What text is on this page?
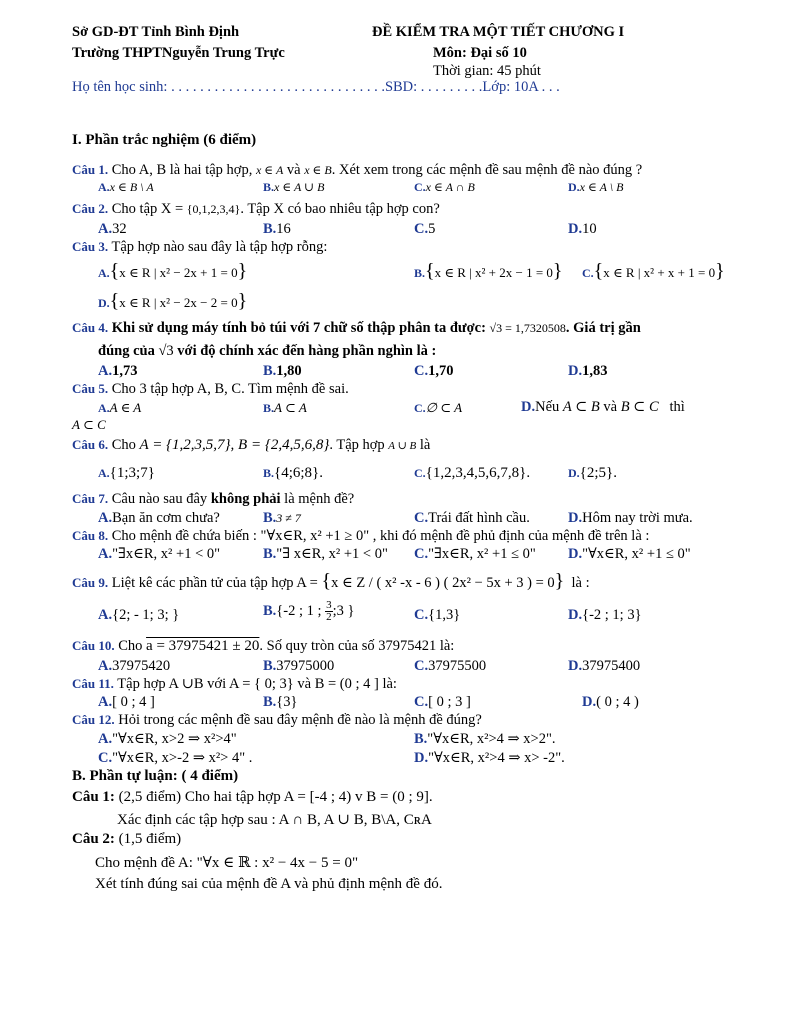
Sở GD-ĐT Tỉnh Bình Định
Trường THPTNguyễn Trung Trực
ĐỀ KIỂM TRA MỘT TIẾT CHƯƠNG I
Môn: Đại số 10
Thời gian: 45 phút
Họ tên học sinh: . . . . . . . . . . . . . . . . . . . . . . . . . . . . . .SBD: . . . . . . . . .Lớp: 10A . . .
I. Phần trắc nghiệm (6 điểm)
Câu 1. Cho A, B là hai tập hợp, x ∈ A và x ∈ B. Xét xem trong các mệnh đề sau mệnh đề nào đúng ?
A.x ∈ B \ A	B.x ∈ A ∪ B	C.x ∈ A ∩ B	D.x ∈ A \ B
Câu 2. Cho tập X = {0,1,2,3,4}. Tập X có bao nhiêu tập hợp con?
A.32	B.16	C.5	D.10
Câu 3. Tập hợp nào sau đây là tập hợp rỗng:
A.{x ∈ R | x² − 2x + 1 = 0}	B.{x ∈ R | x² + 2x − 1 = 0} C.{x ∈ R | x² + x + 1 = 0}
D.{x ∈ R | x² − 2x − 2 = 0}
Câu 4. Khi sử dụng máy tính bỏ túi với 7 chữ số thập phân ta được: √3 = 1,7320508. Giá trị gần
đúng của √3 với độ chính xác đến hàng phần nghìn là :
A.1,73	B.1,80	C.1,70	D.1,83
Câu 5. Cho 3 tập hợp A, B, C. Tìm mệnh đề sai.
A.A ∈ A	B.A ⊂ A	C.∅ ⊂ A	D.Nếu A ⊂ B và B ⊂ C thì
A ⊂ C
Câu 6. Cho A = {1,2,3,5,7}, B = {2,4,5,6,8}. Tập hợp A ∪ B là
A.{1;3;7}	B.{4;6;8}.	C.{1,2,3,4,5,6,7,8}.	D.{2;5}.
Câu 7. Câu nào sau đây không phải là mệnh đề?
A.Bạn ăn cơm chưa?	B.3 ≠ 7	C.Trái đất hình cầu.	D.Hôm nay trời mưa.
Câu 8. Cho mệnh đề chứa biến : "∀x∈R, x² +1 ≥ 0" , khi đó mệnh đề phủ định của mệnh đề trên là :
A."∃x∈R, x² +1 < 0"	B."∃ x∈R, x² +1 < 0" C."∃x∈R, x² +1 ≤ 0" D."∀x∈R, x² +1 ≤ 0"
Câu 9. Liệt kê các phần tử của tập hợp A = {x ∈ Z / ( x² -x - 6 ) ( 2x² − 5x + 3 ) = 0} là :
A.{2; - 1; 3; }	B.{-2 ; 1 ; $\frac{3}{2}$ ;3 }	C.{1,3}	D.{-2 ; 1; 3}
Câu 10. Cho a = 37975421 ± 20. Số quy tròn của số 37975421 là:
A.37975420	B.37975000	C.37975500	D.37975400
Câu 11. Tập hợp A ∪B với A = { 0; 3} và B = (0 ; 4 ] là:
A.[ 0 ; 4 ]	B.{3}	C.[ 0 ; 3 ]	D.( 0 ; 4 )
Câu 12. Hỏi trong các mệnh đề sau đây mệnh đề nào là mệnh đề đúng?
A."∀x∈R, x>2 ⇒ x²>4"	B."∀x∈R, x²>4 ⇒ x>2".
C."∀x∈R, x>-2 ⇒ x²> 4" .	D."∀x∈R, x²>4 ⇒ x> -2".
B. Phần tự luận: ( 4 điểm)
Câu 1: (2,5 điểm) Cho hai tập hợp A = [-4 ; 4) v B = (0 ; 9].
Xác định các tập hợp sau : A ∩ B, A ∪ B, B\A, CʀA
Câu 2: (1,5 điểm)
Cho mệnh đề A: "∀x ∈ ℝ : x² − 4x − 5 = 0"
Xét tính đúng sai của mệnh đề A và phủ định mệnh đề đó.
